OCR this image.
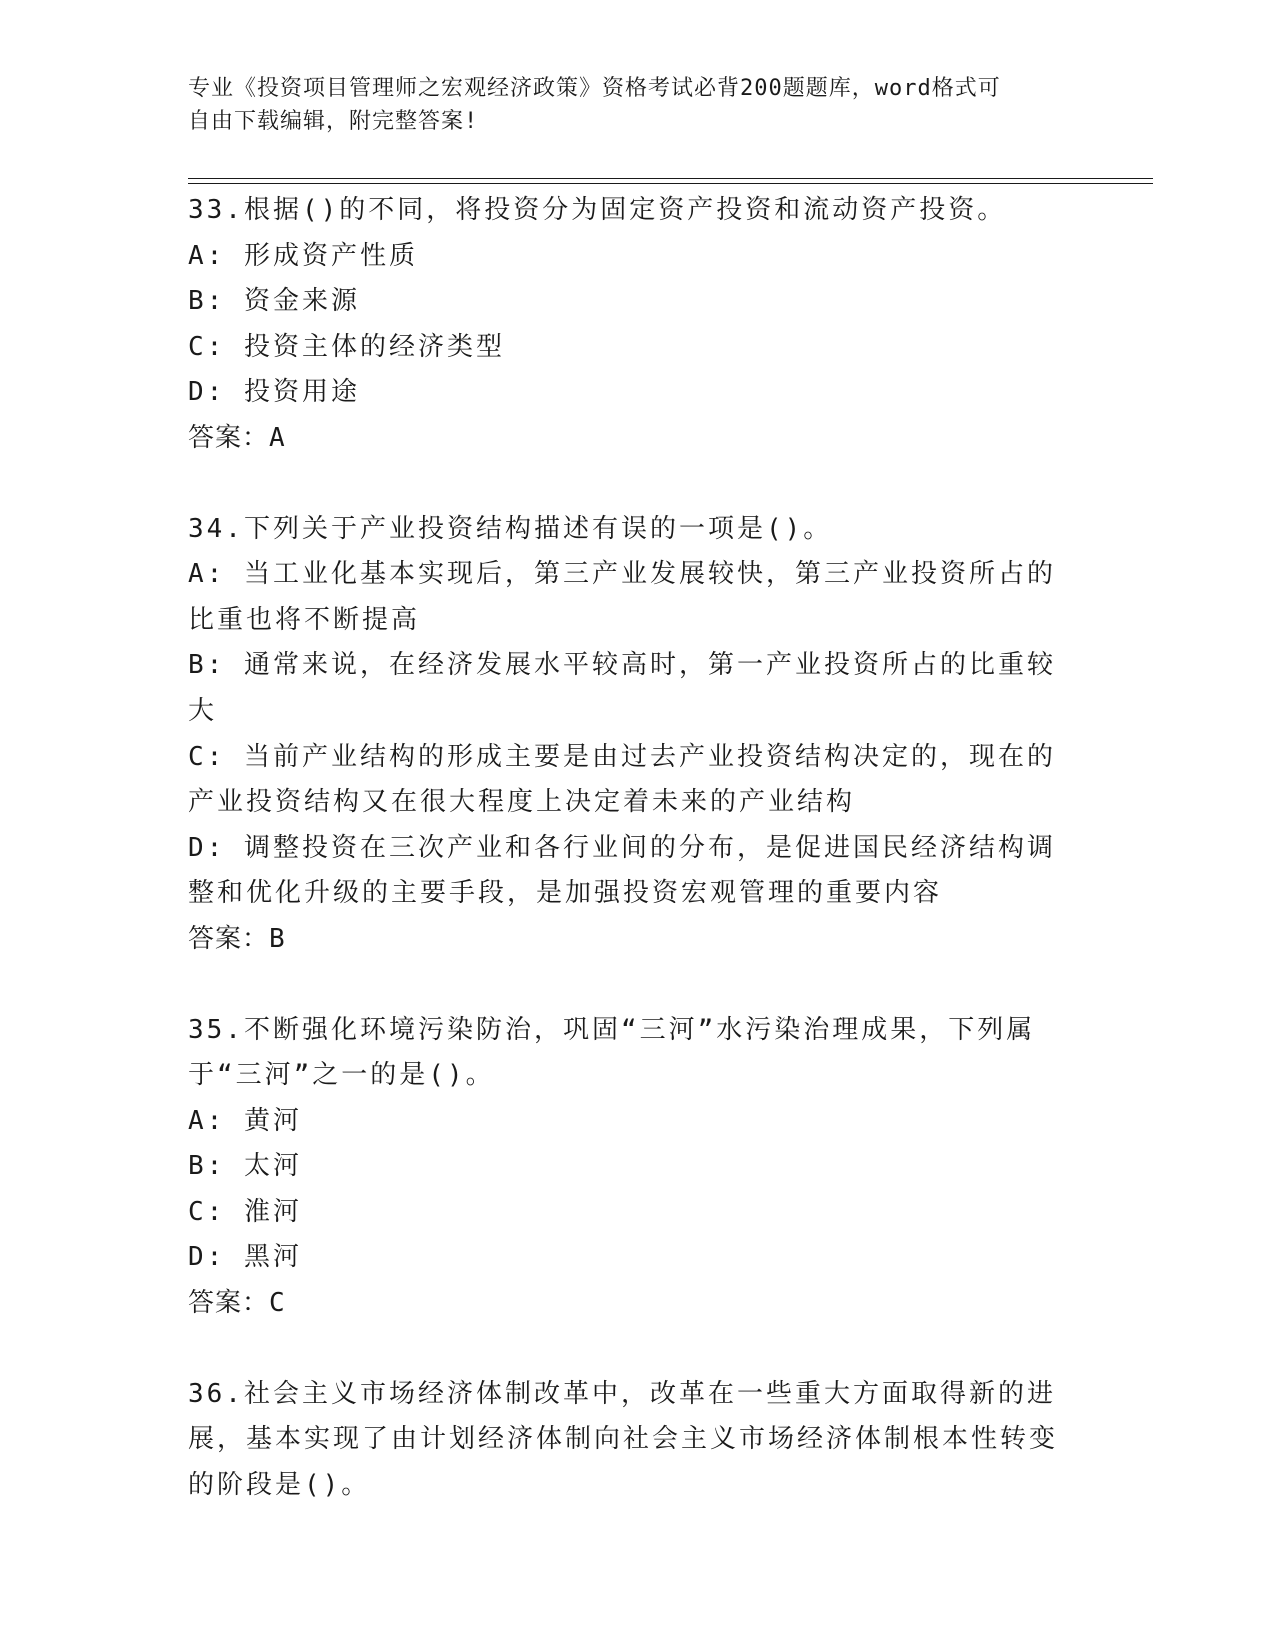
专业《投资项目管理师之宏观经济政策》资格考试必背200题题库，word格式可
自由下载编辑，附完整答案!
33.根据()的不同，将投资分为固定资产投资和流动资产投资。
A: 形成资产性质
B: 资金来源
C: 投资主体的经济类型
D: 投资用途
答案：A
34.下列关于产业投资结构描述有误的一项是()。
A: 当工业化基本实现后，第三产业发展较快，第三产业投资所占的比重也将不断提高
B: 通常来说，在经济发展水平较高时，第一产业投资所占的比重较大
C: 当前产业结构的形成主要是由过去产业投资结构决定的，现在的产业投资结构又在很大程度上决定着未来的产业结构
D: 调整投资在三次产业和各行业间的分布，是促进国民经济结构调整和优化升级的主要手段，是加强投资宏观管理的重要内容
答案：B
35.不断强化环境污染防治，巩固“三河”水污染治理成果，下列属于“三河”之一的是()。
A: 黄河
B: 太河
C: 淮河
D: 黑河
答案：C
36.社会主义市场经济体制改革中，改革在一些重大方面取得新的进展，基本实现了由计划经济体制向社会主义市场经济体制根本性转变的阶段是()。
